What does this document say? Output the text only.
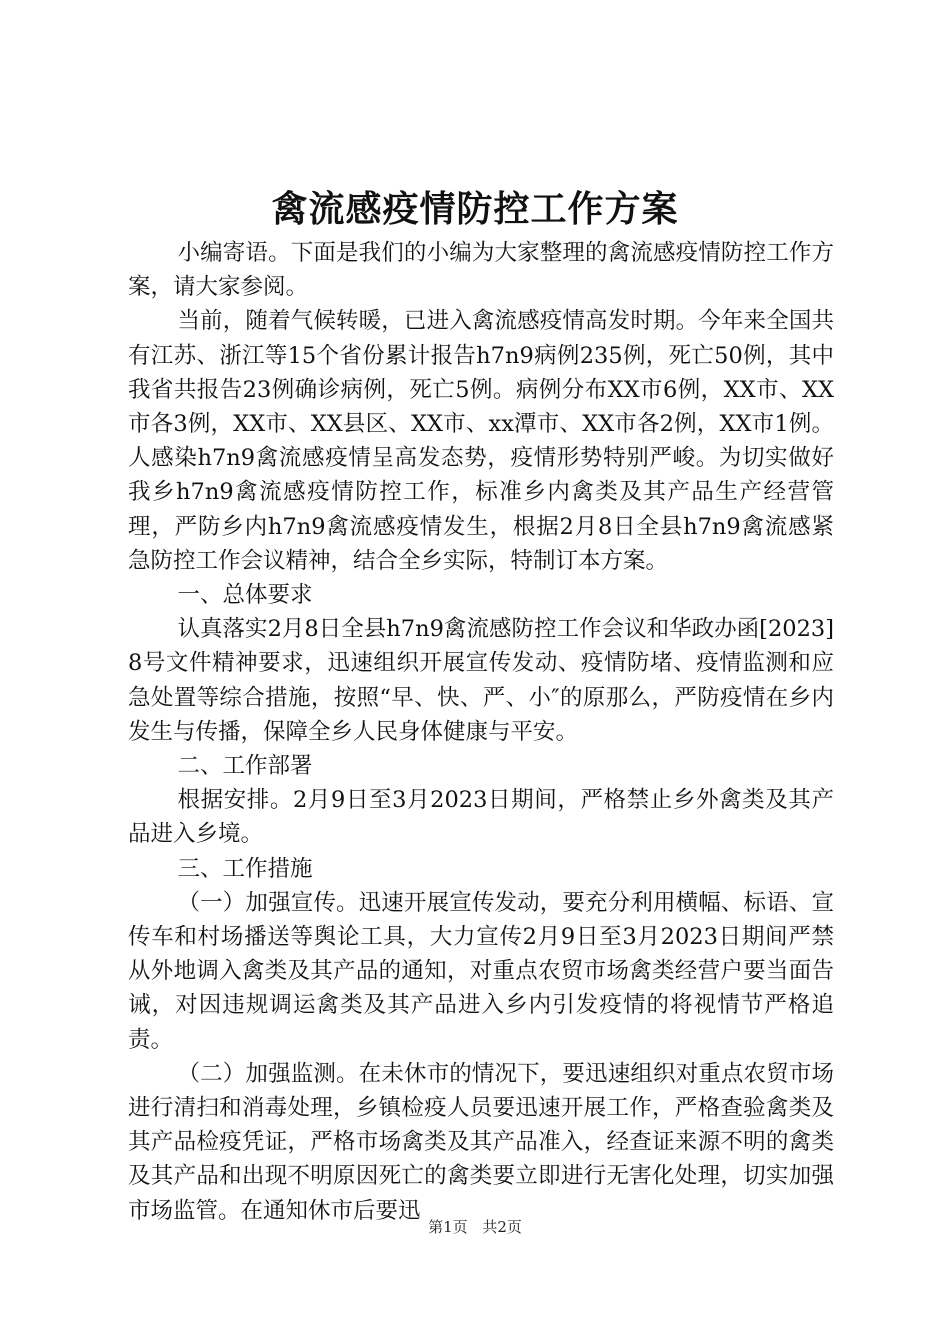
禽流感疫情防控工作方案

小编寄语。下面是我们的小编为大家整理的禽流感疫情防控工作方案，请大家参阅。

当前，随着气候转暖，已进入禽流感疫情高发时期。今年来全国共有江苏、浙江等15个省份累计报告h7n9病例235例，死亡50例，其中我省共报告23例确诊病例，死亡5例。病例分布XX市6例，XX市、XX市各3例，XX市、XX县区、XX市、xx潭市、XX市各2例，XX市1例。人感染h7n9禽流感疫情呈高发态势，疫情形势特别严峻。为切实做好我乡h7n9禽流感疫情防控工作，标准乡内禽类及其产品生产经营管理，严防乡内h7n9禽流感疫情发生，根据2月8日全县h7n9禽流感紧急防控工作会议精神，结合全乡实际，特制订本方案。

一、总体要求

认真落实2月8日全县h7n9禽流感防控工作会议和华政办函[2023]8号文件精神要求，迅速组织开展宣传发动、疫情防堵、疫情监测和应急处置等综合措施，按照“早、快、严、小″的原那么，严防疫情在乡内发生与传播，保障全乡人民身体健康与平安。

二、工作部署

根据安排。2月9日至3月2023日期间，严格禁止乡外禽类及其产品进入乡境。

三、工作措施

（一）加强宣传。迅速开展宣传发动，要充分利用横幅、标语、宣传车和村场播送等舆论工具，大力宣传2月9日至3月2023日期间严禁从外地调入禽类及其产品的通知，对重点农贸市场禽类经营户要当面告诫，对因违规调运禽类及其产品进入乡内引发疫情的将视情节严格追责。

（二）加强监测。在未休市的情况下，要迅速组织对重点农贸市场进行清扫和消毒处理，乡镇检疫人员要迅速开展工作，严格查验禽类及其产品检疫凭证，严格市场禽类及其产品准入，经查证来源不明的禽类及其产品和出现不明原因死亡的禽类要立即进行无害化处理，切实加强市场监管。在通知休市后要迅

第1页 共2页
